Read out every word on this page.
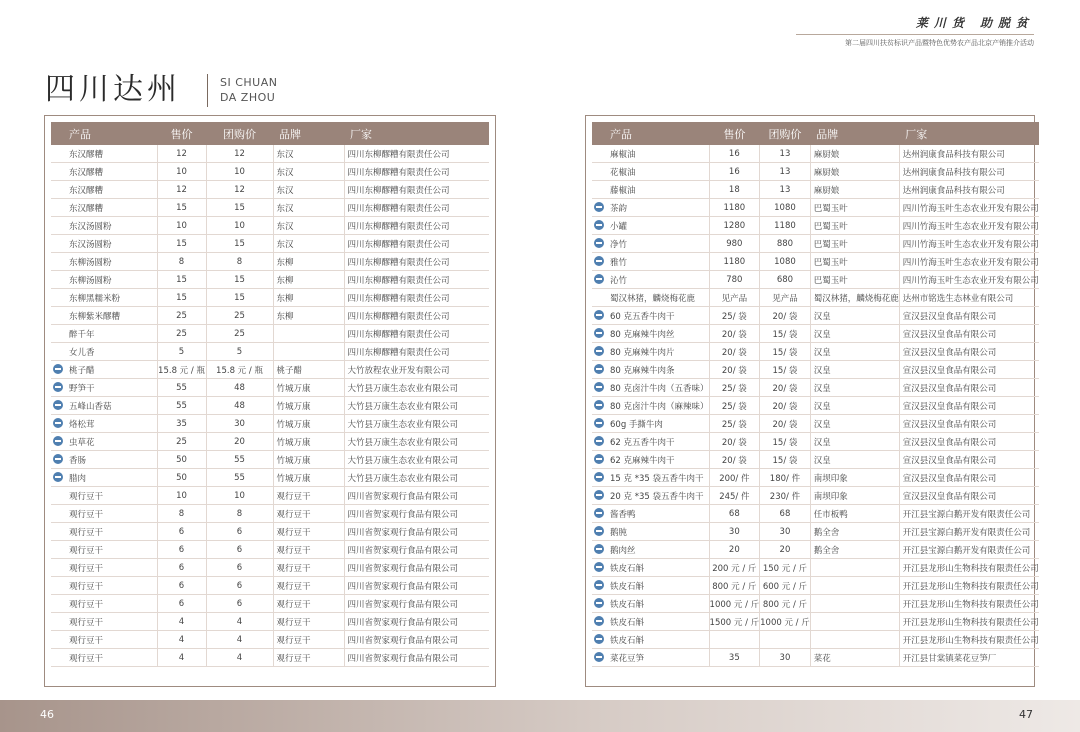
莱川货 助脱贫
第二届四川扶贫标识产品暨特色优势农产品北京产销推介活动
四川达州	SI CHUAN
DA ZHOU
产品	售价	团购价	品牌	厂家
东汉醪糟	12	12	东汉	四川东柳醪糟有限责任公司
东汉醪糟	10	10	东汉	四川东柳醪糟有限责任公司
东汉醪糟	12	12	东汉	四川东柳醪糟有限责任公司
东汉醪糟	15	15	东汉	四川东柳醪糟有限责任公司
东汉汤圆粉	10	10	东汉	四川东柳醪糟有限责任公司
东汉汤圆粉	15	15	东汉	四川东柳醪糟有限责任公司
东柳汤圆粉	8	8	东柳	四川东柳醪糟有限责任公司
东柳汤圆粉	15	15	东柳	四川东柳醪糟有限责任公司
东柳黑糯米粉	15	15	东柳	四川东柳醪糟有限责任公司
东柳紫米醪糟	25	25	东柳	四川东柳醪糟有限责任公司
醉千年	25	25		四川东柳醪糟有限责任公司
女儿香	5	5		四川东柳醪糟有限责任公司

桃子醋	15.8 元 / 瓶	15.8 元 / 瓶	桃子醋	大竹放程农业开发有限公司

野笋干	55	48	竹城万康	大竹县万康生态农业有限公司

五峰山香菇	55	48	竹城万康	大竹县万康生态农业有限公司

烙松茸	35	30	竹城万康	大竹县万康生态农业有限公司

虫草花	25	20	竹城万康	大竹县万康生态农业有限公司

香肠	50	55	竹城万康	大竹县万康生态农业有限公司

腊肉	50	55	竹城万康	大竹县万康生态农业有限公司
观行豆干	10	10	观行豆干	四川省贺家观行食品有限公司
观行豆干	8	8	观行豆干	四川省贺家观行食品有限公司
观行豆干	6	6	观行豆干	四川省贺家观行食品有限公司
观行豆干	6	6	观行豆干	四川省贺家观行食品有限公司
观行豆干	6	6	观行豆干	四川省贺家观行食品有限公司
观行豆干	6	6	观行豆干	四川省贺家观行食品有限公司
观行豆干	6	6	观行豆干	四川省贺家观行食品有限公司
观行豆干	4	4	观行豆干	四川省贺家观行食品有限公司
观行豆干	4	4	观行豆干	四川省贺家观行食品有限公司
观行豆干	4	4	观行豆干	四川省贺家观行食品有限公司
产品	售价	团购价	品牌	厂家
麻椒油	16	13	麻厨娘	达州润康食品科技有限公司
花椒油	16	13	麻厨娘	达州润康食品科技有限公司
藤椒油	18	13	麻厨娘	达州润康食品科技有限公司

茶韵	1180	1080	巴蜀玉叶	四川竹海玉叶生态农业开发有限公司

小罐	1280	1180	巴蜀玉叶	四川竹海玉叶生态农业开发有限公司

净竹	980	880	巴蜀玉叶	四川竹海玉叶生态农业开发有限公司

雅竹	1180	1080	巴蜀玉叶	四川竹海玉叶生态农业开发有限公司

沁竹	780	680	巴蜀玉叶	四川竹海玉叶生态农业开发有限公司
蜀汉林猪，麟烧梅花鹿	见产品	见产品	蜀汉林猪，麟烧梅花鹿	达州市铭选生态林业有限公司

60 克五香牛肉干	25/ 袋	20/ 袋	汉皇	宣汉县汉皇食品有限公司

80 克麻辣牛肉丝	20/ 袋	15/ 袋	汉皇	宣汉县汉皇食品有限公司

80 克麻辣牛肉片	20/ 袋	15/ 袋	汉皇	宣汉县汉皇食品有限公司

80 克麻辣牛肉条	20/ 袋	15/ 袋	汉皇	宣汉县汉皇食品有限公司

80 克卤汁牛肉（五香味）	25/ 袋	20/ 袋	汉皇	宣汉县汉皇食品有限公司

80 克卤汁牛肉（麻辣味）	25/ 袋	20/ 袋	汉皇	宣汉县汉皇食品有限公司

60g 手撕牛肉	25/ 袋	20/ 袋	汉皇	宣汉县汉皇食品有限公司

62 克五香牛肉干	20/ 袋	15/ 袋	汉皇	宣汉县汉皇食品有限公司

62 克麻辣牛肉干	20/ 袋	15/ 袋	汉皇	宣汉县汉皇食品有限公司

15 克 *35 袋五香牛肉干	200/ 件	180/ 件	南坝印象	宣汉县汉皇食品有限公司

20 克 *35 袋五香牛肉干	245/ 件	230/ 件	南坝印象	宣汉县汉皇食品有限公司

酱香鸭	68	68	任市板鸭	开江县宝源白鹅开发有限责任公司

鹅肫	30	30	鹅全舍	开江县宝源白鹅开发有限责任公司

鹅肉丝	20	20	鹅全舍	开江县宝源白鹅开发有限责任公司

铁皮石斛	200 元 / 斤	150 元 / 斤		开江县龙形山生物科技有限责任公司

铁皮石斛	800 元 / 斤	600 元 / 斤		开江县龙形山生物科技有限责任公司

铁皮石斛	1000 元 / 斤	800 元 / 斤		开江县龙形山生物科技有限责任公司

铁皮石斛	1500 元 / 斤	1000 元 / 斤		开江县龙形山生物科技有限责任公司

铁皮石斛				开江县龙形山生物科技有限责任公司

菜花豆笋	35	30	菜花	开江县甘棠镇菜花豆笋厂
46	47
